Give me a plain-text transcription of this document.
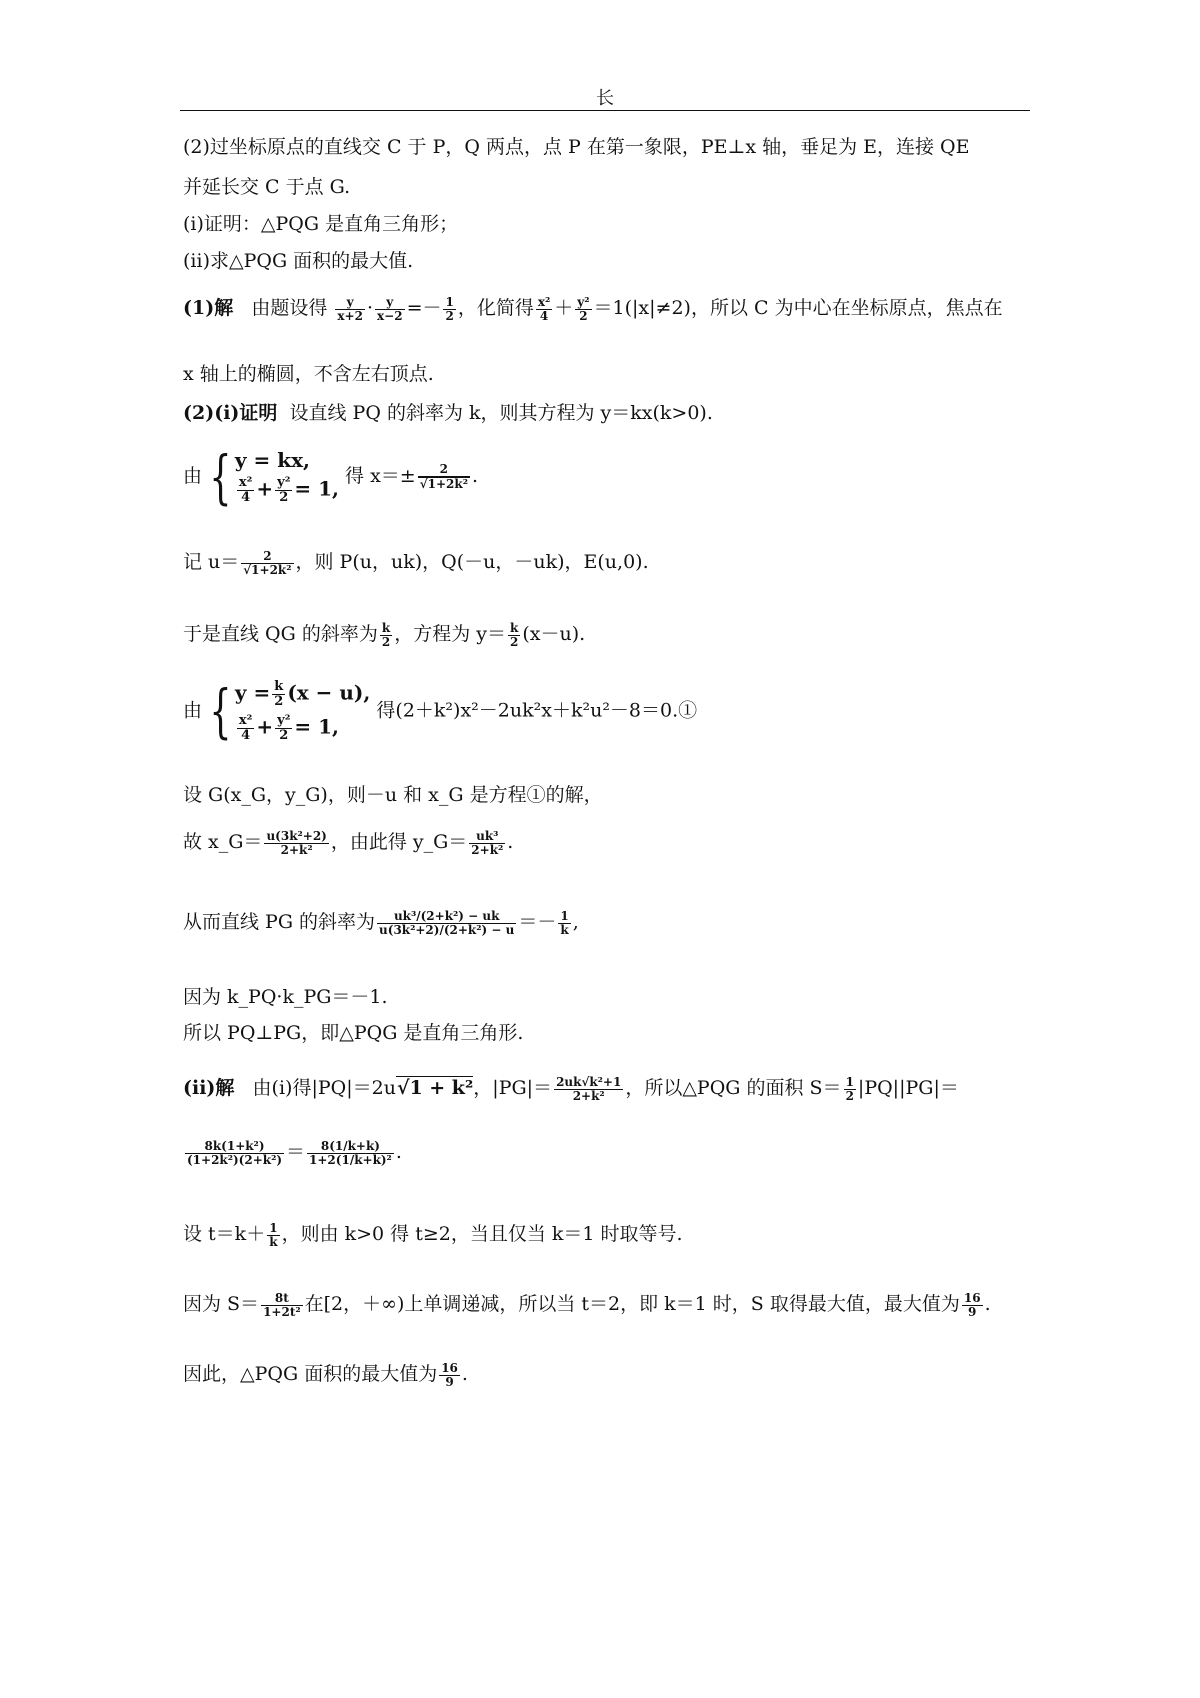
长
(2)过坐标原点的直线交 C 于 P，Q 两点，点 P 在第一象限，PE⊥x 轴，垂足为 E，连接 QE
并延长交 C 于点 G.
(ⅰ)证明：△PQG 是直角三角形；
(ⅱ)求△PQG 面积的最大值.
(1)解 由题设得 $\frac{y}{x+2} \cdot \frac{y}{x-2} =- \frac{1}{2}$ ，化简得 $\frac{\text{x²}}{4} + \frac{\text{y²}}{2} =1(|x|\ne 2)$，所以 C 为中心在坐标原点，焦点在
x 轴上的椭圆，不含左右顶点.
(2)(ⅰ)证明 设直线 PQ 的斜率为 k，则其方程为 y＝kx(k>0).
由 { y = kx,
$\frac{\text{x²}}{4} + \frac{\text{y²}}{2} = 1$,
得 $x=\pm \frac{2}{\text{√1+2k²}}$ .
记 $u= \frac{2}{\text{√1+2k²}}$ ，则 P(u，uk)，Q(－u，－uk)，E(u,0).
于是直线 QG 的斜率为 $\frac{k}{2}$ ，方程为 $y= \frac{k}{2} (x-u)$.
由 { $y = \frac{k}{2} (x - u)$,
$\frac{\text{x²}}{4} + \frac{\text{y²}}{2} = 1$,
得(2＋k²)x²－2uk²x＋k²u²－8＝0.①
设 G(x_G，y_G)，则－u 和 x_G 是方程①的解，
故 x_G＝ $\frac{\text{u(3k²+2)}}{\text{2+k²}}$ ，由此得 y_G＝ $\frac{\text{uk³}}{\text{2+k²}}$ .
从而直线 PG 的斜率为 $\frac{\text{uk³/(2+k²) − uk}}{\text{u(3k²+2)/(2+k²) − u}} =- \frac{1}{k}$ ,
因为 k_PQ·k_PG＝－1.
所以 PQ⊥PG，即△PQG 是直角三角形.
(ⅱ)解 由(ⅰ)得|PQ|＝2u√1 + k²，$|PG|= \frac{\text{2uk√k²+1}}{\text{2+k²}}$ ，所以△PQG 的面积 $S= \frac{1}{2} |PQ||PG|=$
$\frac{\text{8k(1+k²)}}{\text{(1+2k²)(2+k²)}} = \frac{8(1/k+k)}{\text{1+2(1/k+k)²}}$ .
设 $t=k+ \frac{1}{k}$ ，则由 k>0 得 t≥2，当且仅当 k＝1 时取等号.
因为 $S= \frac{8t}{\text{1+2t²}}$ 在[2，＋∞)上单调递减，所以当 t＝2，即 k＝1 时，S 取得最大值，最大值为 $\frac{16}{9}$ .
因此，△PQG 面积的最大值为 $\frac{16}{9}$ .
